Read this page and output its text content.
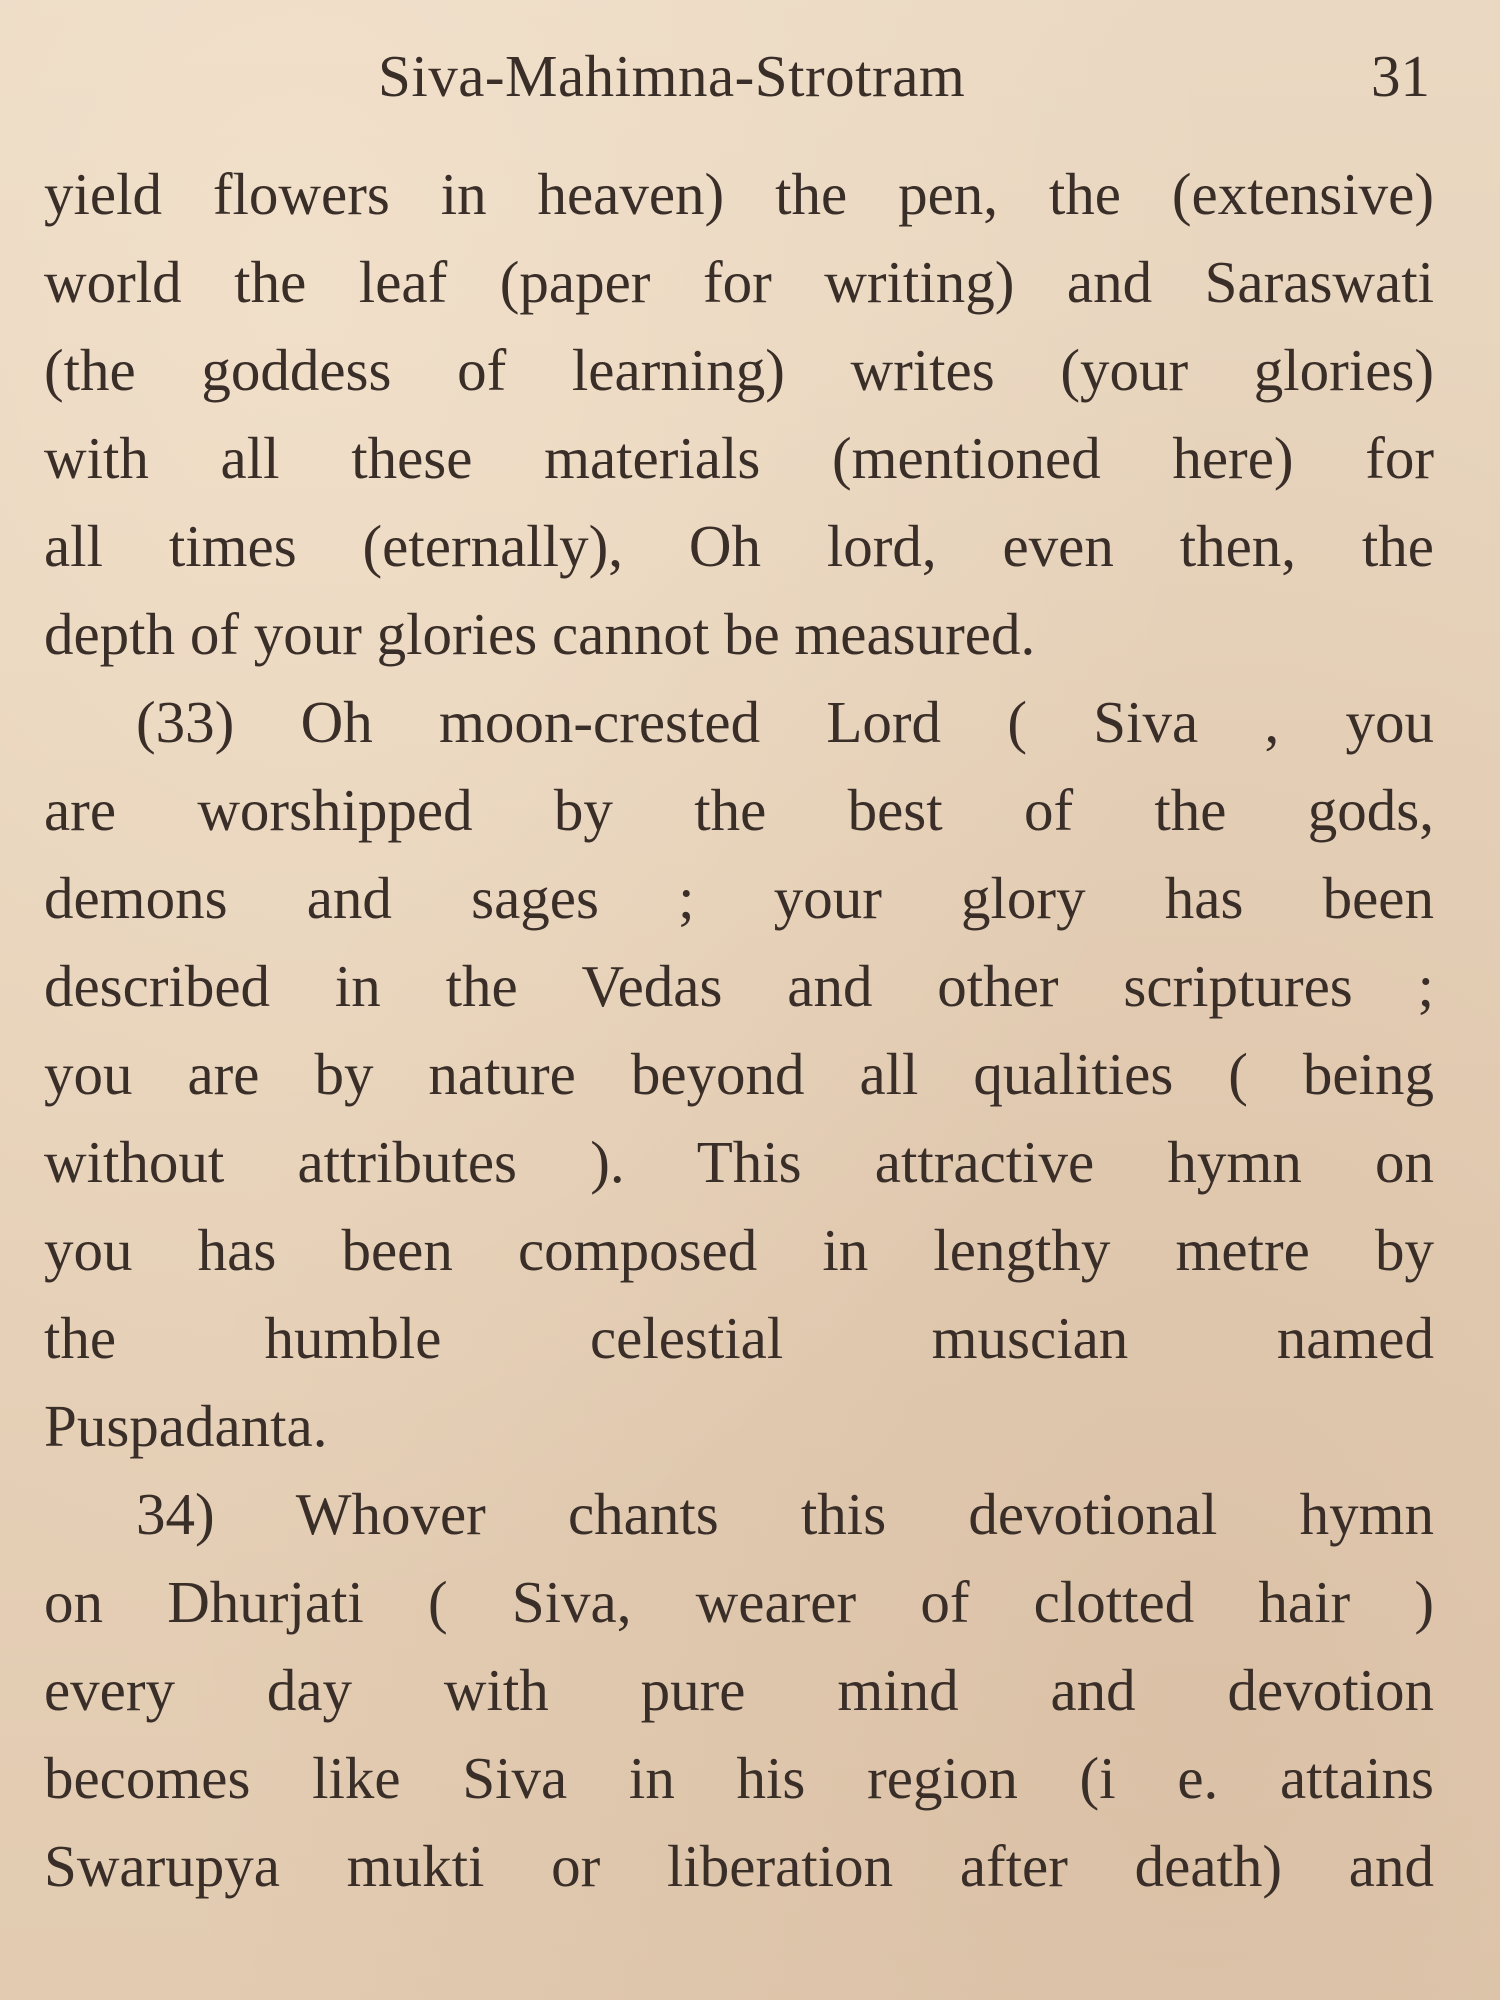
Siva-Mahimna-Strotram	31
yield flowers in heaven) the pen, the (extensive)
world the leaf (paper for writing) and Saraswati
(the goddess of learning) writes (your glories)
with all these materials (mentioned here) for
all times (eternally), Oh lord, even then, the
depth of your glories cannot be measured.
(33) Oh moon-crested Lord ( Siva , you
are worshipped by the best of the gods,
demons and sages ; your glory has been
described in the Vedas and other scriptures ;
you are by nature beyond all qualities ( being
without attributes ). This attractive hymn on
you has been composed in lengthy metre by
the humble celestial muscian named
Puspadanta.
34) Whover chants this devotional hymn
on Dhurjati ( Siva, wearer of clotted hair )
every day with pure mind and devotion
becomes like Siva in his region (i e. attains
Swarupya mukti or liberation after death) and
